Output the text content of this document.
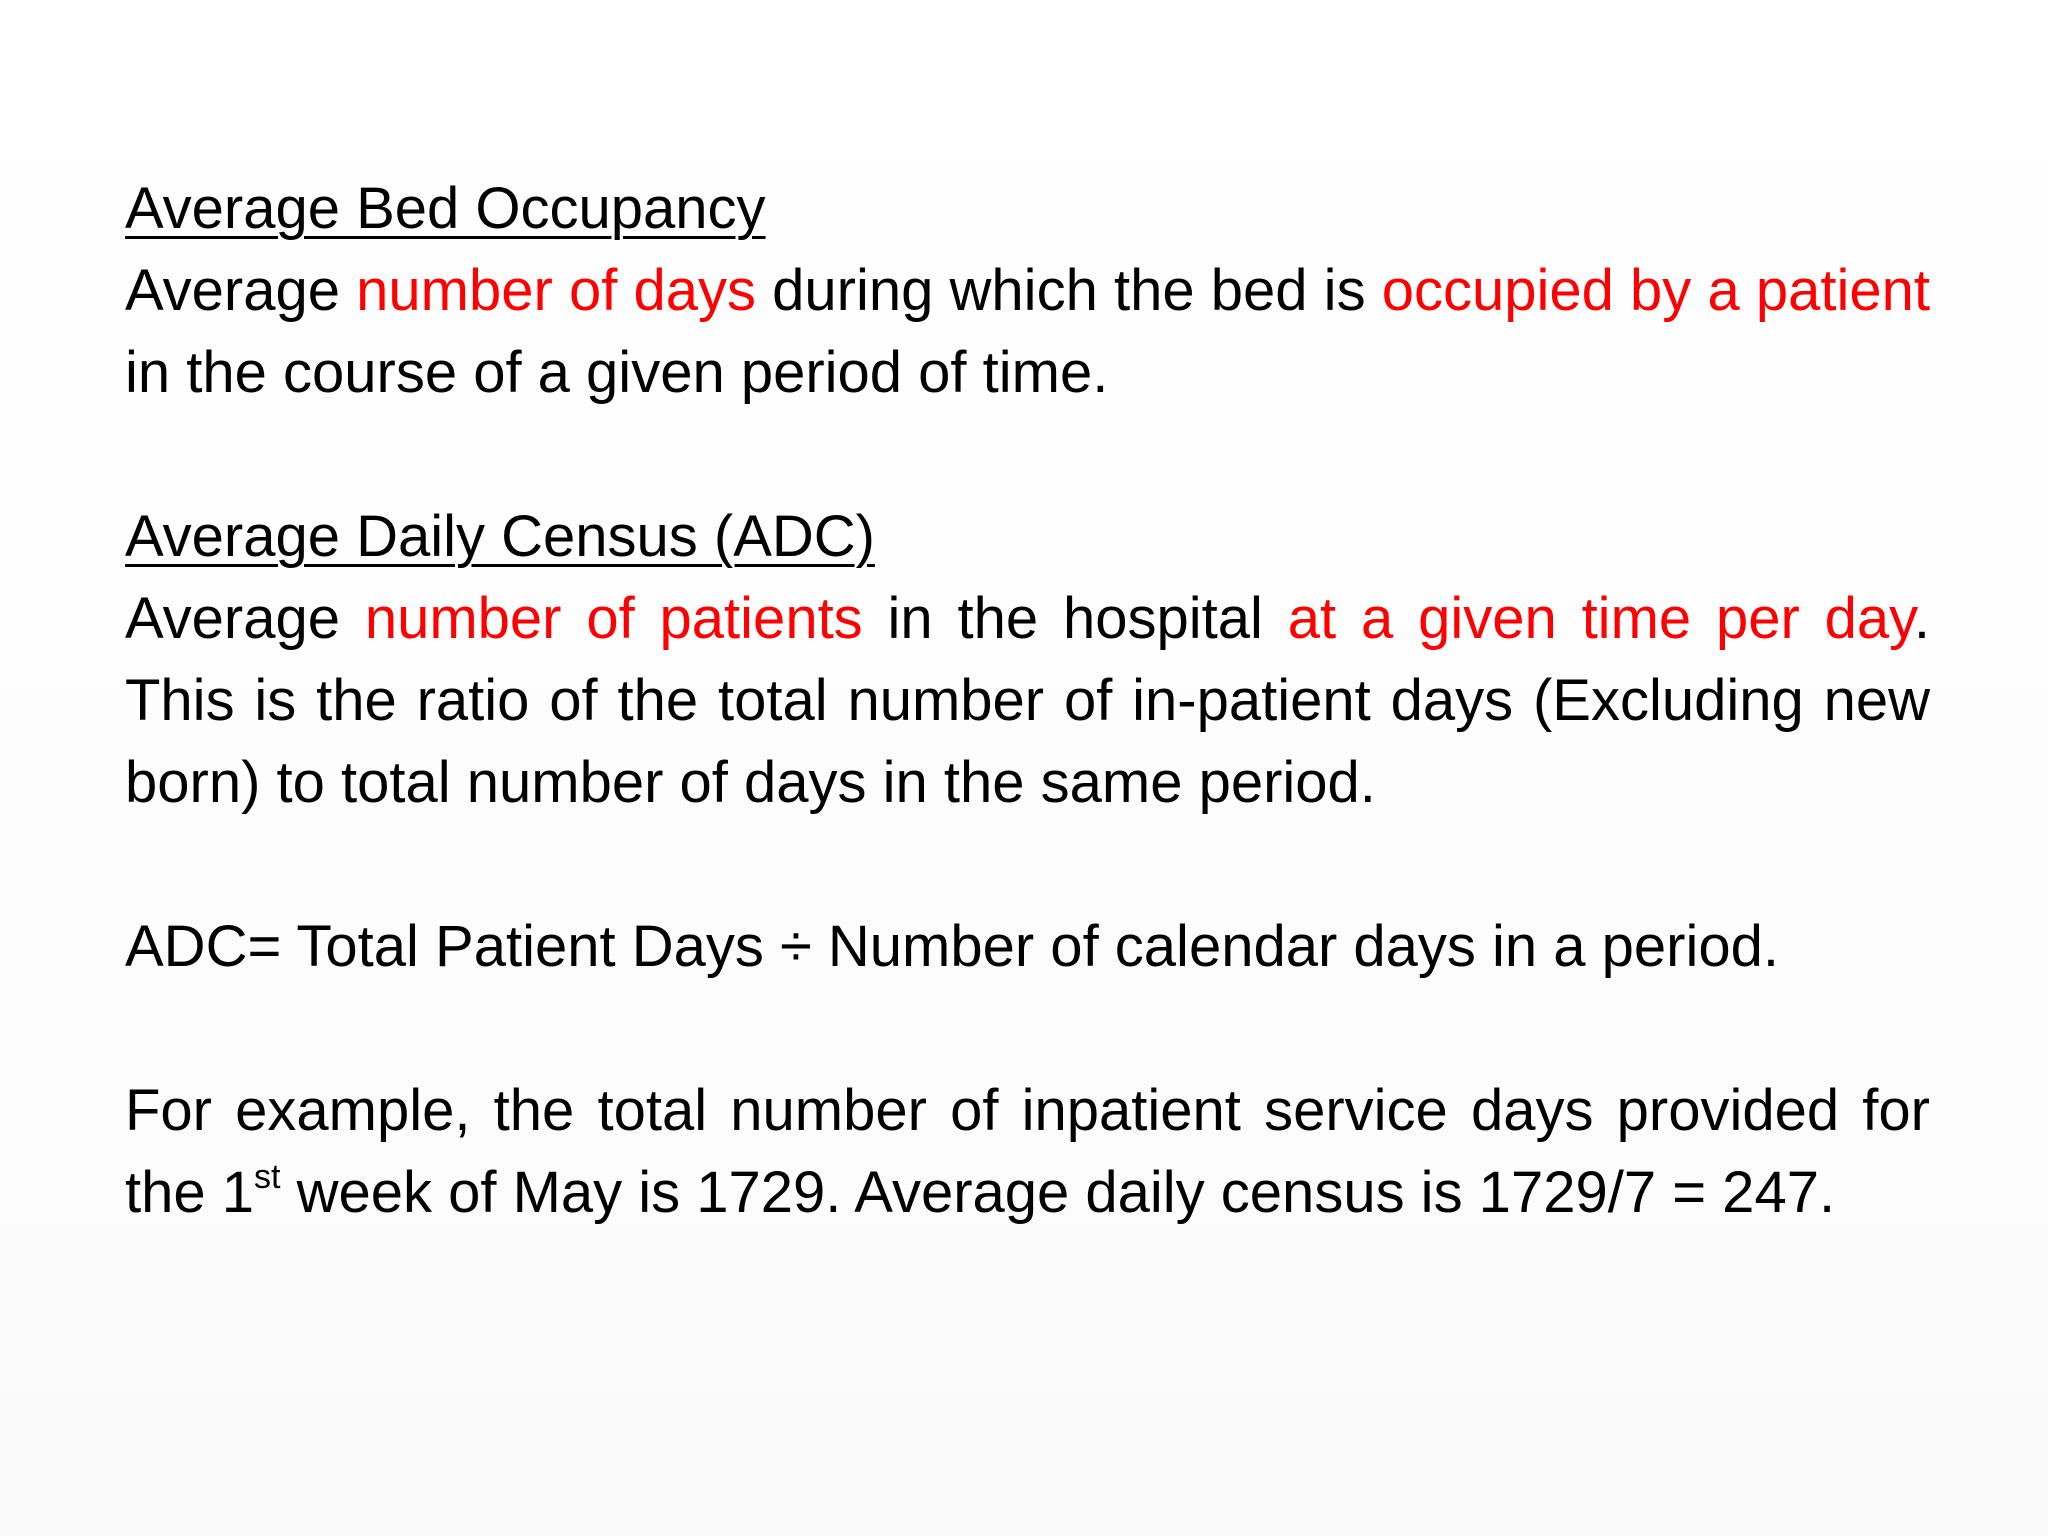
Average Bed Occupancy

Average number of days during which the bed is occupied by a patient in the course of a given period of time.

Average Daily Census (ADC)

Average number of patients in the hospital at a given time per day. This is the ratio of the total number of in-patient days (Excluding new born) to total number of days in the same period.

ADC= Total Patient Days ÷ Number of calendar days in a period.

For example, the total number of inpatient service days provided for the 1st week of May is 1729. Average daily census is 1729/7 = 247.
